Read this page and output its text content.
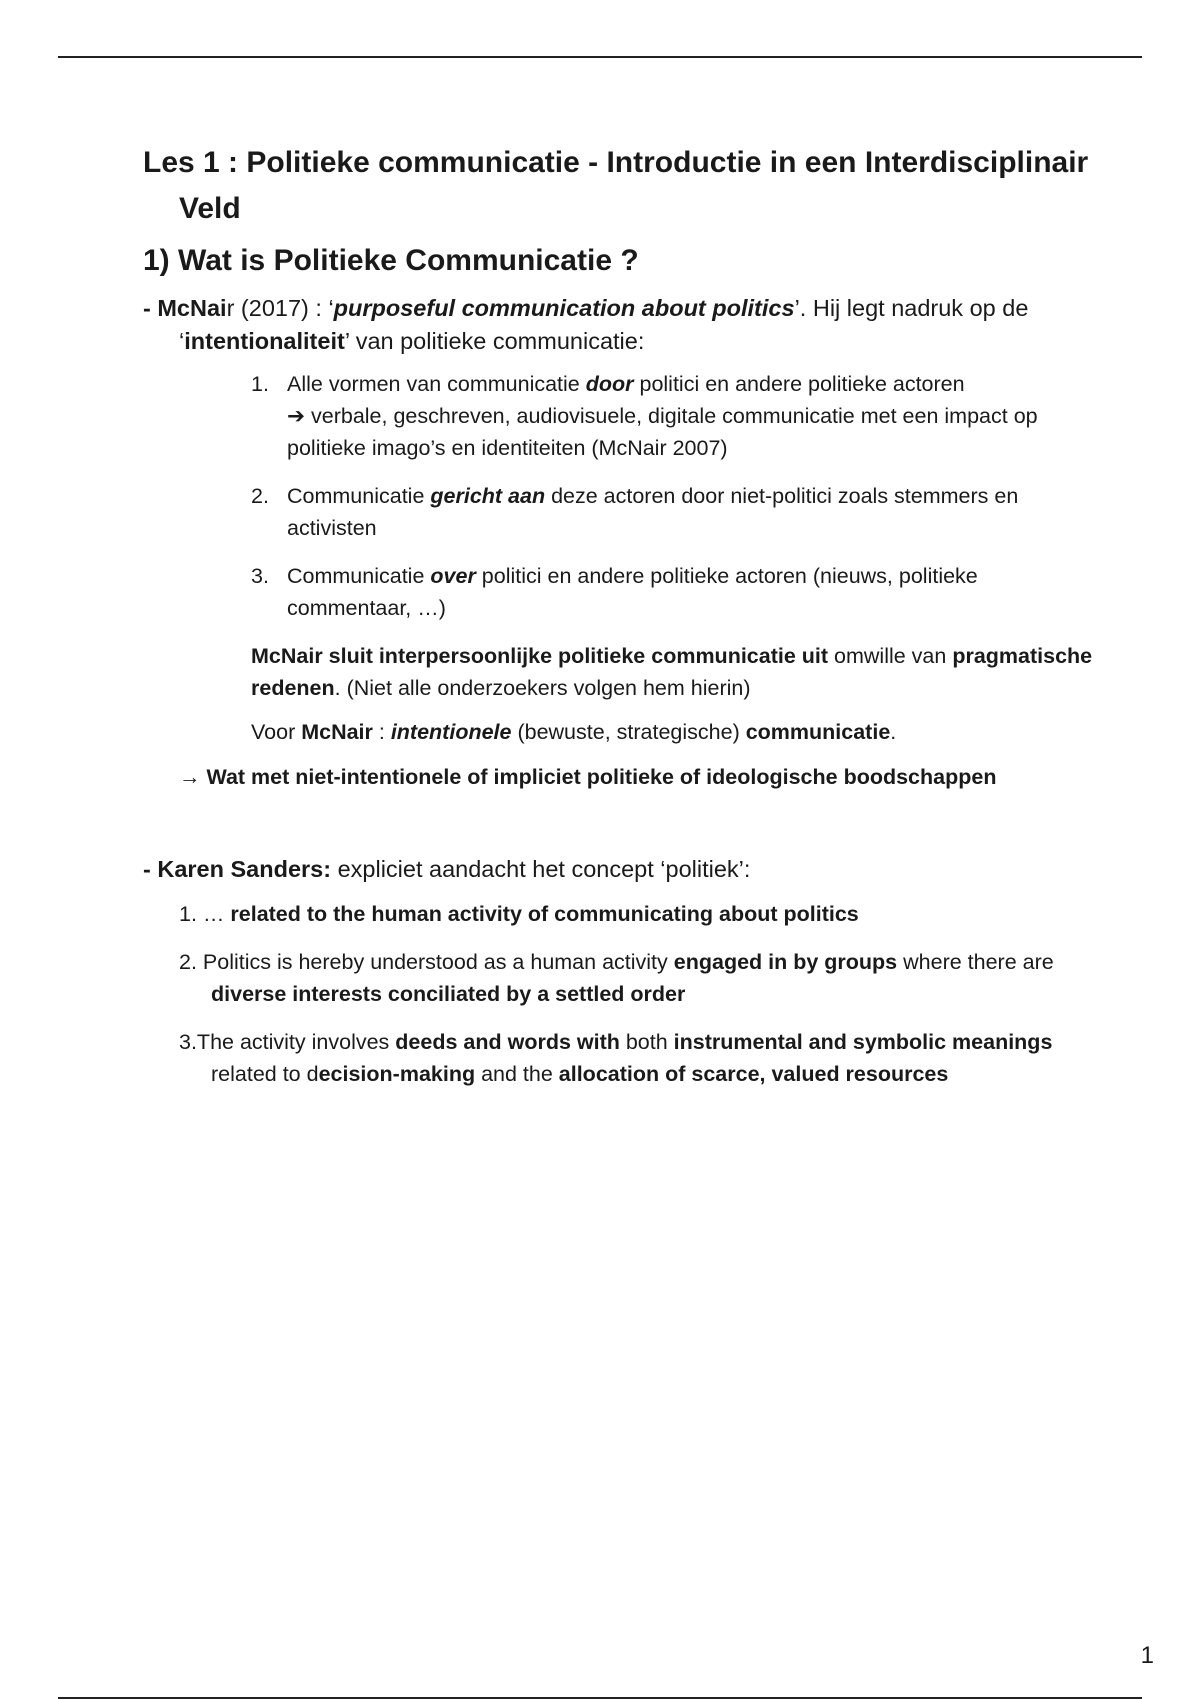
Les 1 : Politieke communicatie - Introductie in een Interdisciplinair Veld
1) Wat is Politieke Communicatie ?
- McNair (2017) : ‘purposeful communication about politics’. Hij legt nadruk op de ‘intentionaliteit’ van politieke communicatie:
1. Alle vormen van communicatie door politici en andere politieke actoren
➔ verbale, geschreven, audiovisuele, digitale communicatie met een impact op politieke imago’s en identiteiten (McNair 2007)
2. Communicatie gericht aan deze actoren door niet-politici zoals stemmers en activisten
3. Communicatie over politici en andere politieke actoren (nieuws, politieke commentaar, …)
McNair sluit interpersoonlijke politieke communicatie uit omwille van pragmatische redenen. (Niet alle onderzoekers volgen hem hierin)
Voor McNair : intentionele (bewuste, strategische) communicatie.
→ Wat met niet-intentionele of impliciet politieke of ideologische boodschappen
- Karen Sanders: expliciet aandacht het concept ‘politiek’:
1. … related to the human activity of communicating about politics
2. Politics is hereby understood as a human activity engaged in by groups where there are diverse interests conciliated by a settled order
3.The activity involves deeds and words with both instrumental and symbolic meanings related to decision-making and the allocation of scarce, valued resources
1
